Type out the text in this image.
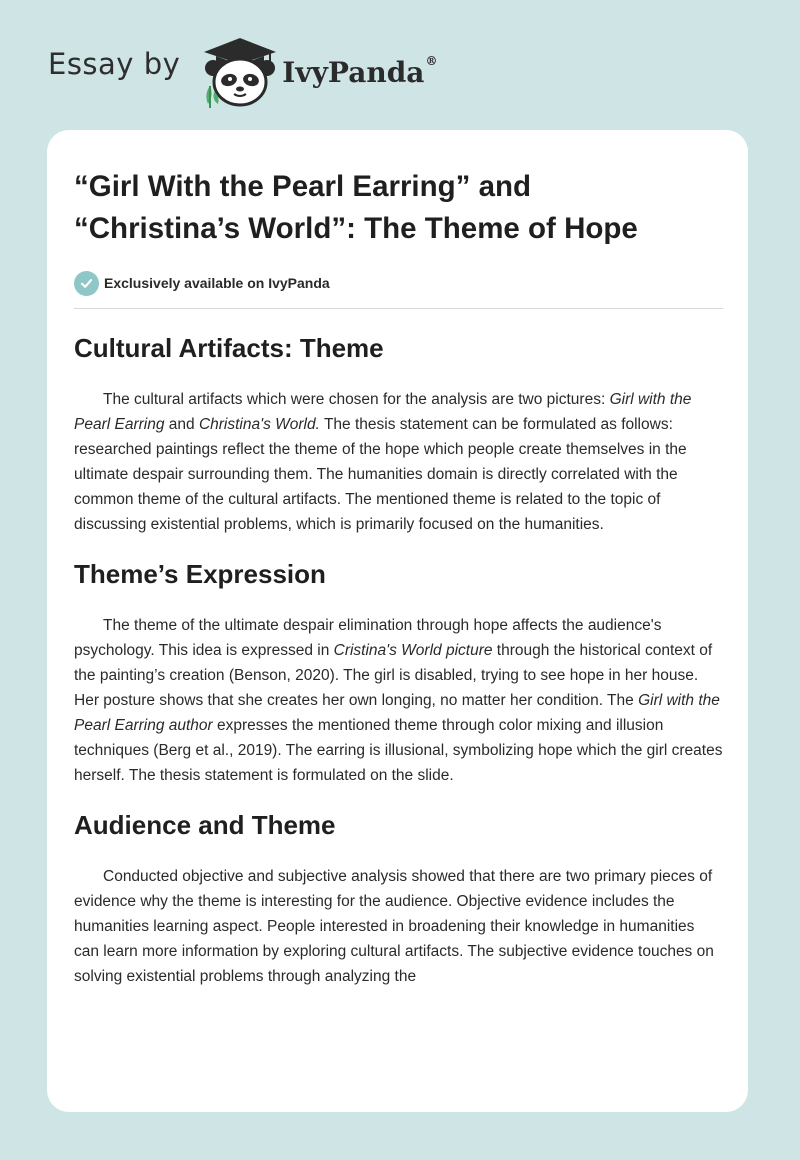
Essay by	IvyPanda®
“Girl With the Pearl Earring” and “Christina’s World”: The Theme of Hope
Exclusively available on IvyPanda
Cultural Artifacts: Theme

The cultural artifacts which were chosen for the analysis are two pictures: Girl with the Pearl Earring and Christina's World. The thesis statement can be formulated as follows: researched paintings reflect the theme of the hope which people create themselves in the ultimate despair surrounding them. The humanities domain is directly correlated with the common theme of the cultural artifacts. The mentioned theme is related to the topic of discussing existential problems, which is primarily focused on the humanities.

Theme’s Expression

The theme of the ultimate despair elimination through hope affects the audience's psychology. This idea is expressed in Cristina's World picture through the historical context of the painting’s creation (Benson, 2020). The girl is disabled, trying to see hope in her house. Her posture shows that she creates her own longing, no matter her condition. The Girl with the Pearl Earring author expresses the mentioned theme through color mixing and illusion techniques (Berg et al., 2019). The earring is illusional, symbolizing hope which the girl creates herself. The thesis statement is formulated on the slide.

Audience and Theme

Conducted objective and subjective analysis showed that there are two primary pieces of evidence why the theme is interesting for the audience. Objective evidence includes the humanities learning aspect. People interested in broadening their knowledge in humanities can learn more information by exploring cultural artifacts. The subjective evidence touches on solving existential problems through analyzing the
